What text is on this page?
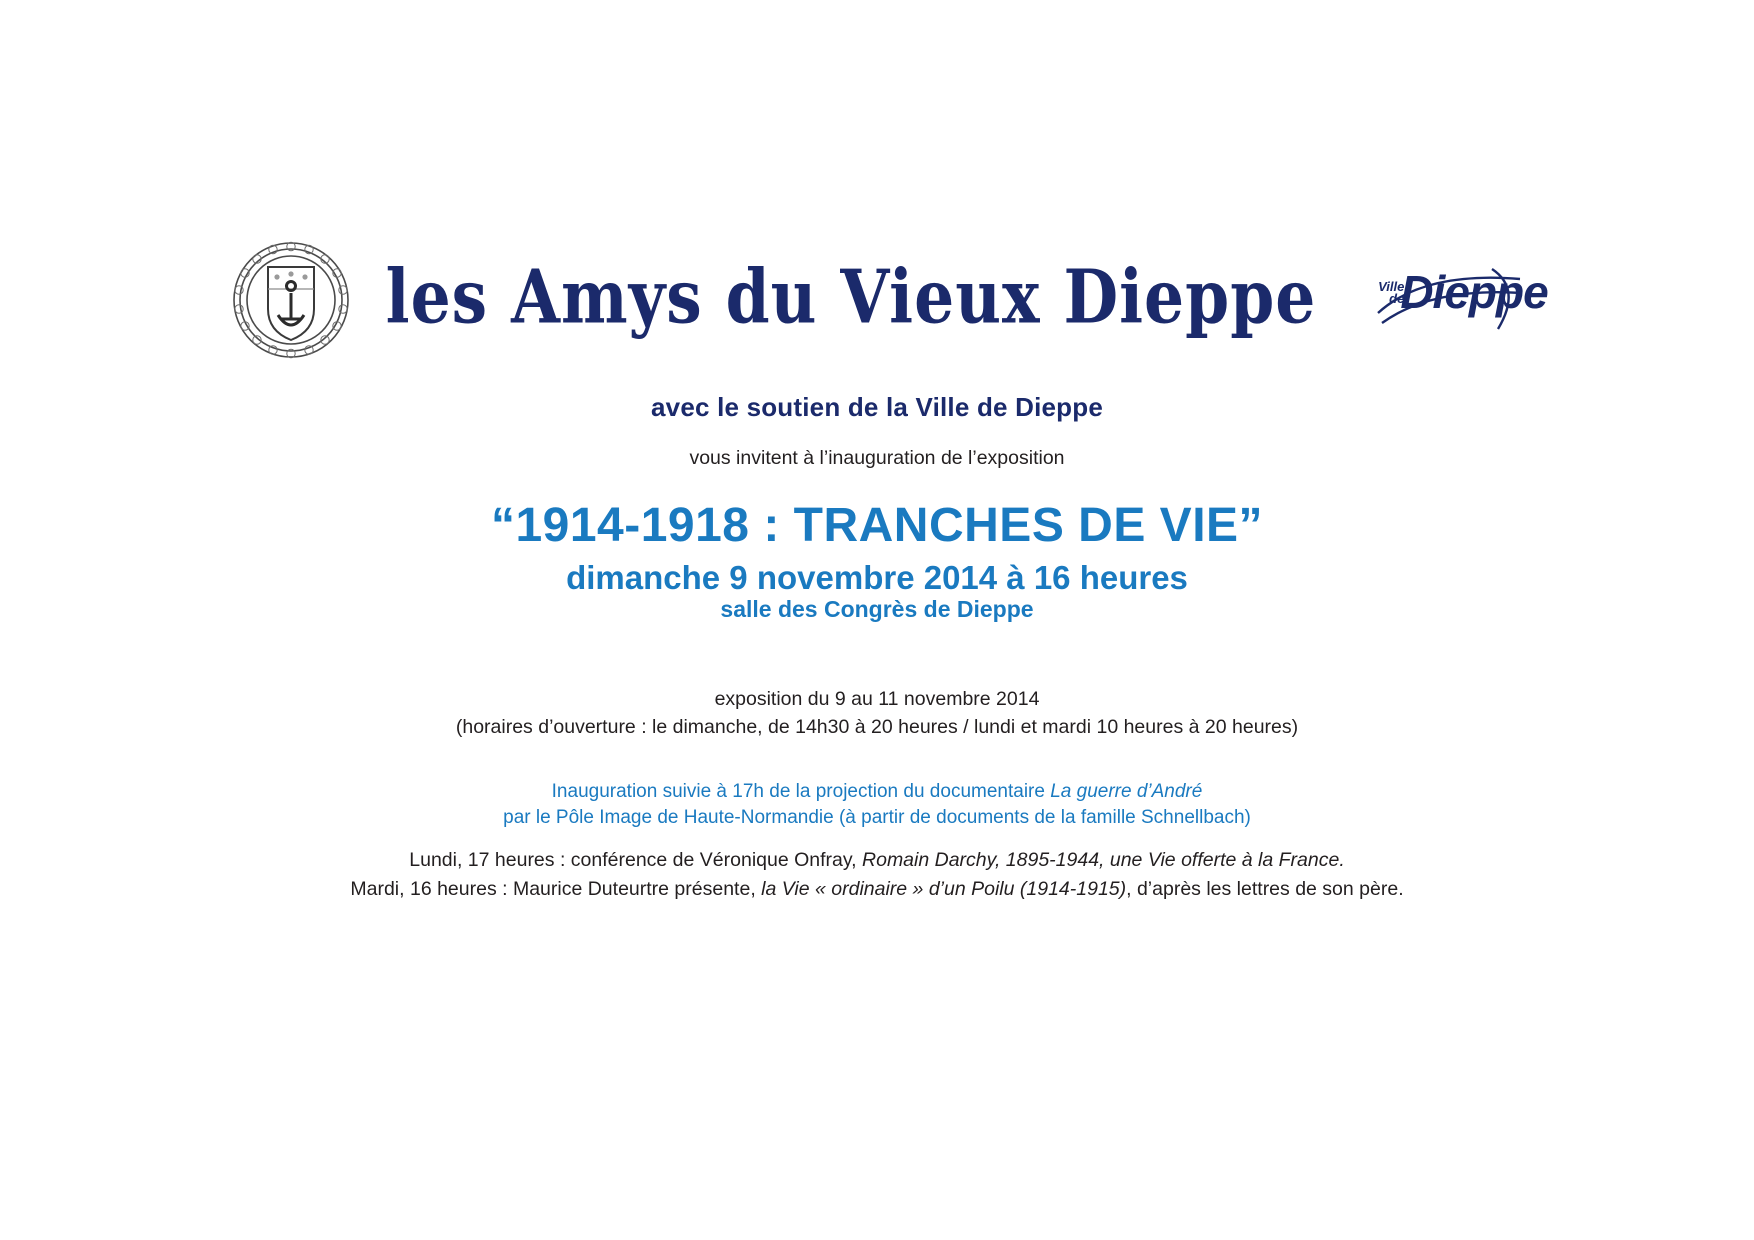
les Amys du Vieux Dieppe	Ville de
Dieppe
avec le soutien de la Ville de Dieppe
vous invitent à l’inauguration de l’exposition
“1914-1918 : TRANCHES DE VIE”
dimanche 9 novembre 2014 à 16 heures
salle des Congrès de Dieppe
exposition du 9 au 11 novembre 2014
(horaires d’ouverture : le dimanche, de 14h30 à 20 heures / lundi et mardi 10 heures à 20 heures)
Inauguration suivie à 17h de la projection du documentaire La guerre d’André
par le Pôle Image de Haute-Normandie (à partir de documents de la famille Schnellbach)
Lundi, 17 heures : conférence de Véronique Onfray, Romain Darchy, 1895-1944, une Vie offerte à la France.
Mardi, 16 heures : Maurice Duteurtre présente, la Vie « ordinaire » d’un Poilu (1914-1915), d’après les lettres de son père.
